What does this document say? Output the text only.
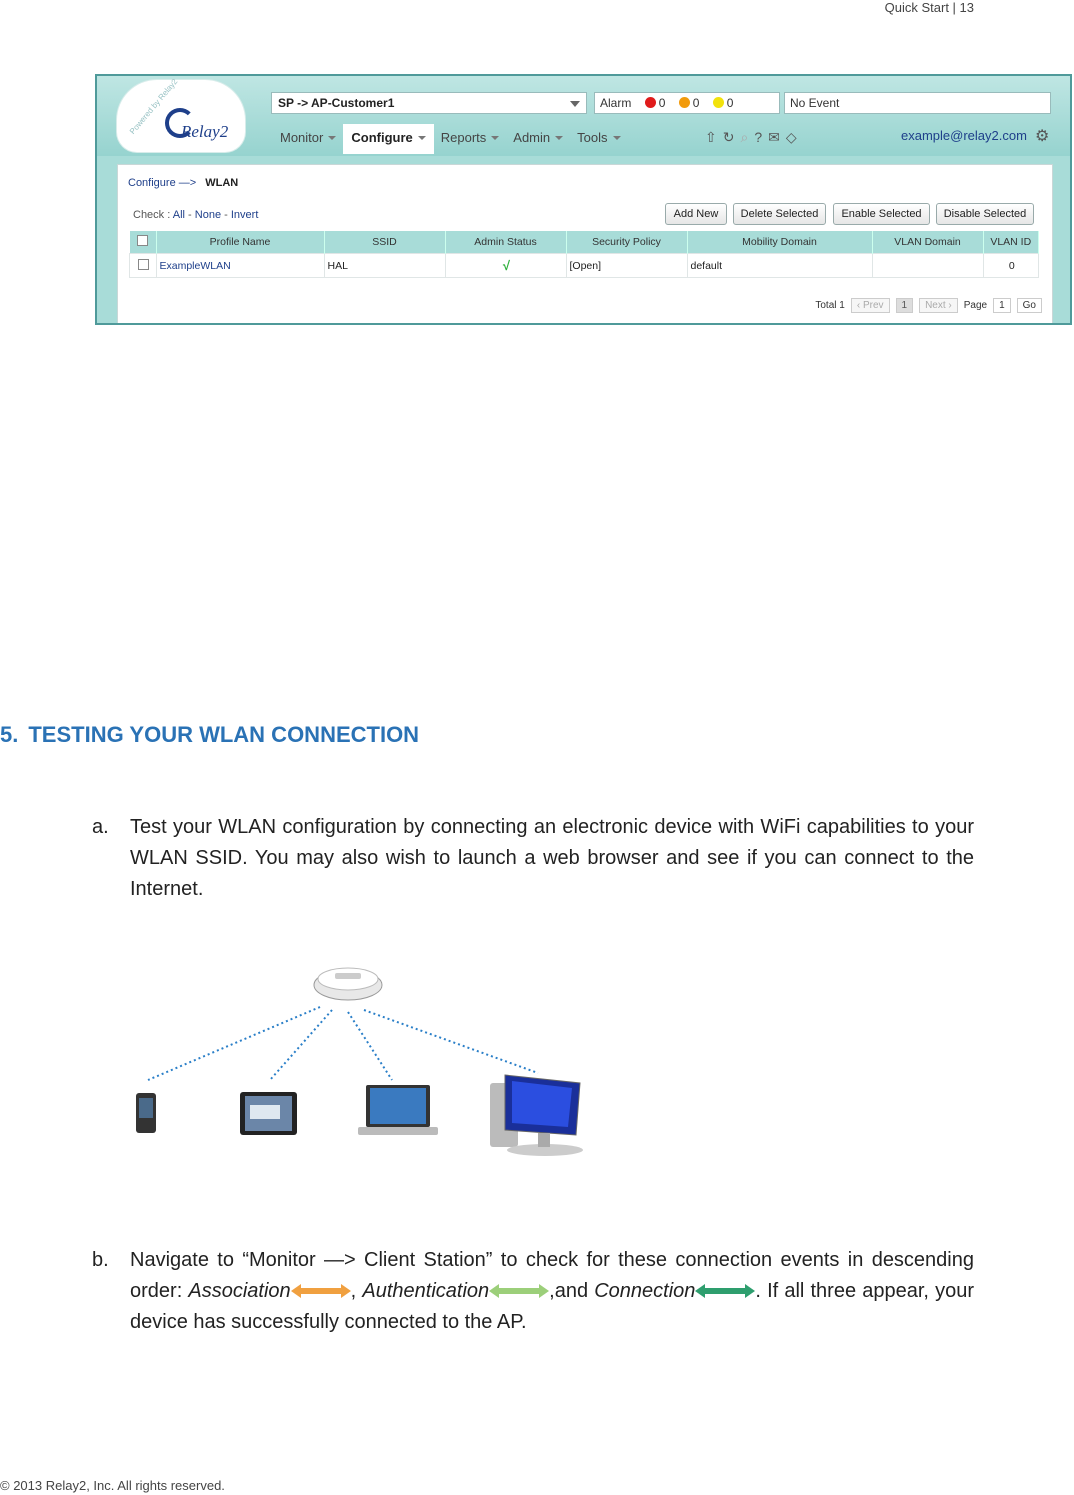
Quick Start | 13
Powered by Relay2 Relay2
SP -> AP-Customer1	Alarm 0 0 0	No Event
Monitor	Configure	Reports	Admin	Tools	⇧↻⌕?✉◇	example@relay2.com ⚙
Configure —> WLAN
Check : All - None - Invert	Add New	Delete Selected	Enable Selected	Disable Selected
	Profile Name	SSID	Admin Status	Security Policy	Mobility Domain	VLAN Domain	VLAN ID
	ExampleWLAN	HAL	√	[Open]	default		0
Total 1	‹ Prev	1	Next ›	Page	1	Go
5. TESTING YOUR WLAN CONNECTION
a. Test your WLAN configuration by connecting an electronic device with WiFi capabilities to your WLAN SSID. You may also wish to launch a web browser and see if you can connect to the Internet.
b. Navigate to “Monitor —> Client Station” to check for these connection events in descending order: Association	, Authentication	,and Connection	. If all three appear, your device has successfully connected to the AP.
© 2013 Relay2, Inc. All rights reserved.
